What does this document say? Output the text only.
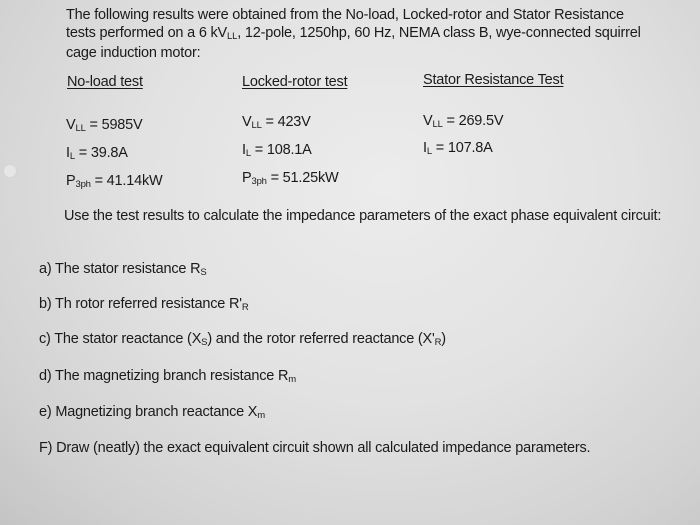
The following results were obtained from the No-load, Locked-rotor and Stator Resistance tests performed on a 6 $kV_{LL}$, 12-pole, 1250hp, 60 Hz, NEMA class B, wye-connected squirrel cage induction motor:
No-load test	Locked-rotor test	Stator Resistance Test
$V_{LL} = 5985V$
$I_L = 39.8A$
$P_{3ph} = 41.14kW$
$V_{LL} = 423V$
$I_L = 108.1A$
$P_{3ph} = 51.25kW$
$V_{LL} = 269.5V$
$I_L = 107.8A$
Use the test results to calculate the impedance parameters of the exact phase equivalent circuit:
a) The stator resistance $R_S$
b) Th rotor referred resistance $R'_R$
c) The stator reactance $(X_S)$ and the rotor referred reactance $(X'_R)$
d) The magnetizing branch resistance $R_m$
e) Magnetizing branch reactance $X_m$
F) Draw (neatly) the exact equivalent circuit shown all calculated impedance parameters.
